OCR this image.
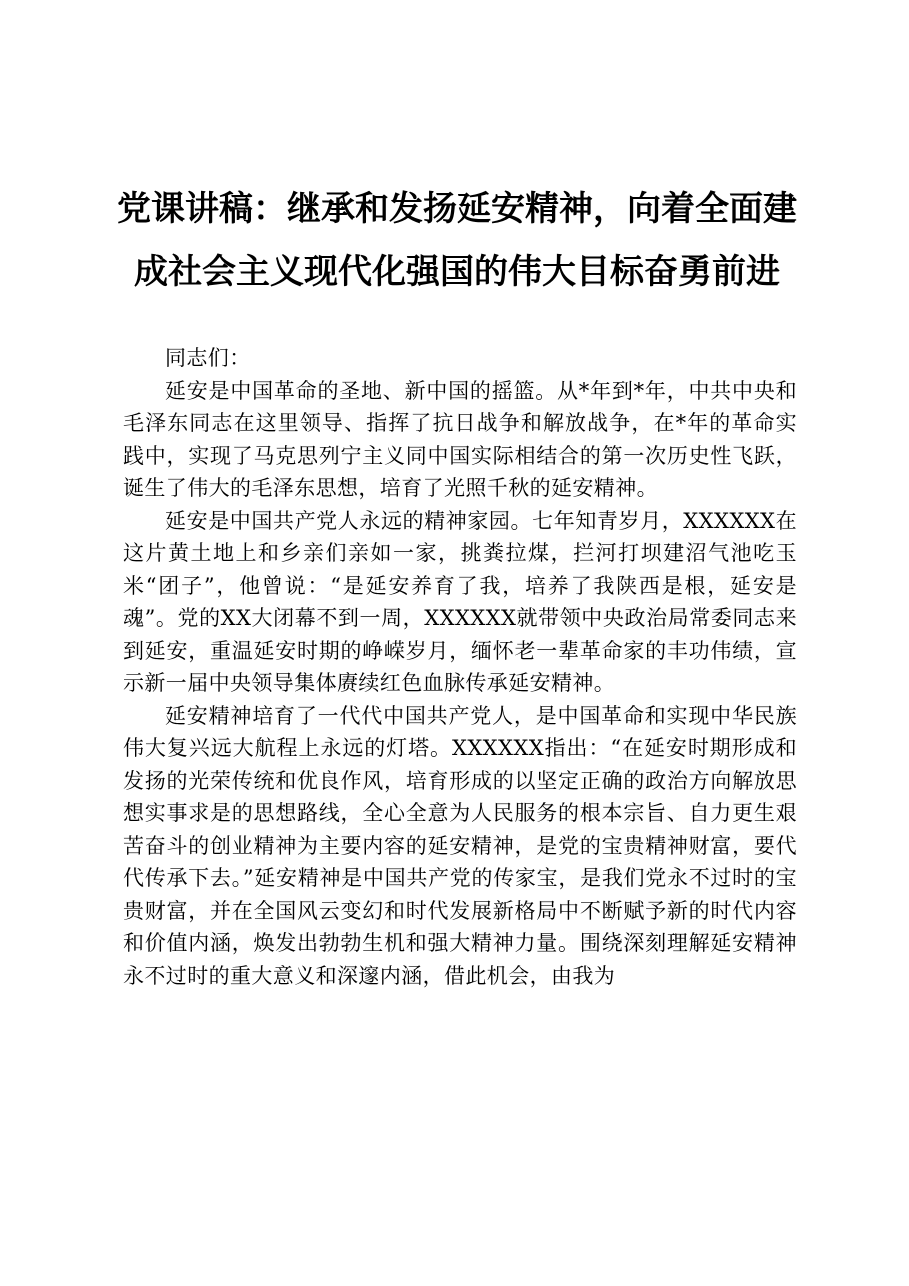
党课讲稿：继承和发扬延安精神，向着全面建
成社会主义现代化强国的伟大目标奋勇前进

同志们：

延安是中国革命的圣地、新中国的摇篮。从*年到*年，中共中央和毛泽东同志在这里领导、指挥了抗日战争和解放战争，在*年的革命实践中，实现了马克思列宁主义同中国实际相结合的第一次历史性飞跃，诞生了伟大的毛泽东思想，培育了光照千秋的延安精神。

延安是中国共产党人永远的精神家园。七年知青岁月，XXXXXX在这片黄土地上和乡亲们亲如一家，挑粪拉煤，拦河打坝建沼气池吃玉米“团子”，他曾说：“是延安养育了我，培养了我陕西是根，延安是魂”。党的XX大闭幕不到一周，XXXXXX就带领中央政治局常委同志来到延安，重温延安时期的峥嵘岁月，缅怀老一辈革命家的丰功伟绩，宣示新一届中央领导集体赓续红色血脉传承延安精神。

延安精神培育了一代代中国共产党人，是中国革命和实现中华民族伟大复兴远大航程上永远的灯塔。XXXXXX指出：“在延安时期形成和发扬的光荣传统和优良作风，培育形成的以坚定正确的政治方向解放思想实事求是的思想路线，全心全意为人民服务的根本宗旨、自力更生艰苦奋斗的创业精神为主要内容的延安精神，是党的宝贵精神财富，要代代传承下去。”延安精神是中国共产党的传家宝，是我们党永不过时的宝贵财富，并在全国风云变幻和时代发展新格局中不断赋予新的时代内容和价值内涵，焕发出勃勃生机和强大精神力量。围绕深刻理解延安精神永不过时的重大意义和深邃内涵，借此机会，由我为
